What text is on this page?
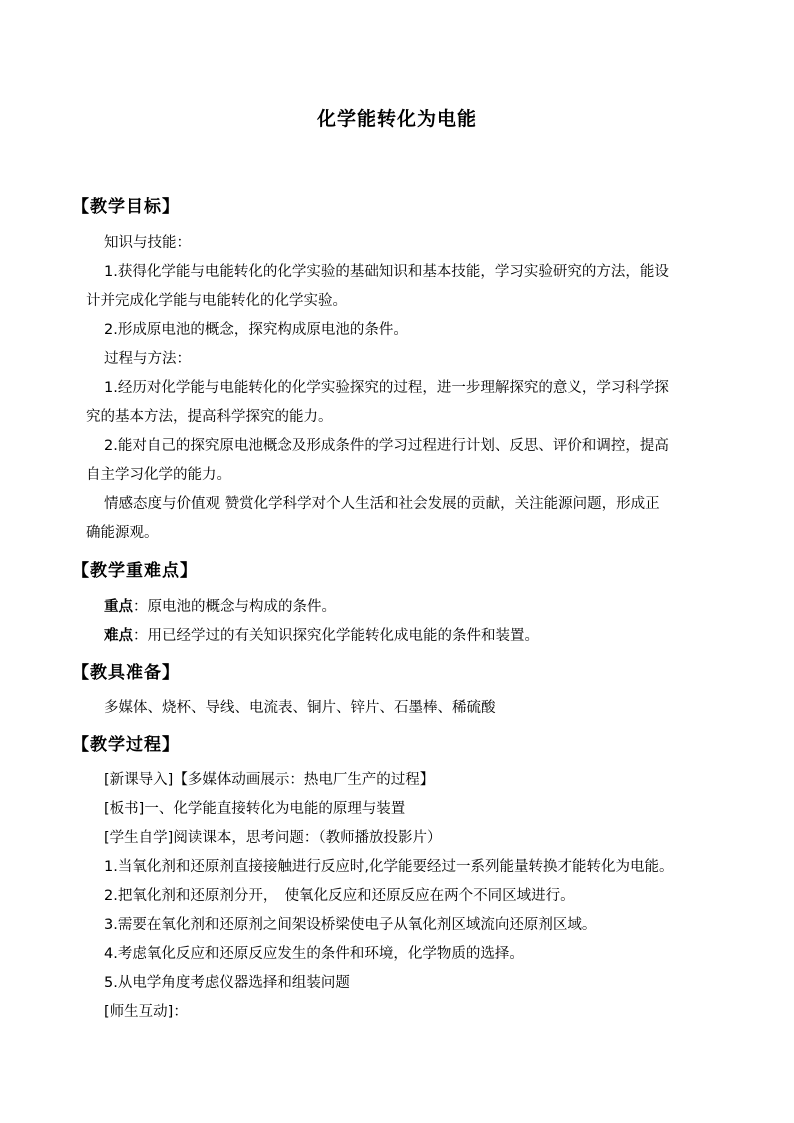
化学能转化为电能
【教学目标】
知识与技能：
1.获得化学能与电能转化的化学实验的基础知识和基本技能，学习实验研究的方法，能设
计并完成化学能与电能转化的化学实验。
2.形成原电池的概念，探究构成原电池的条件。
过程与方法：
1.经历对化学能与电能转化的化学实验探究的过程，进一步理解探究的意义，学习科学探
究的基本方法，提高科学探究的能力。
2.能对自己的探究原电池概念及形成条件的学习过程进行计划、反思、评价和调控，提高
自主学习化学的能力。
情感态度与价值观 赞赏化学科学对个人生活和社会发展的贡献，关注能源问题，形成正
确能源观。
【教学重难点】
重点：原电池的概念与构成的条件。
难点：用已经学过的有关知识探究化学能转化成电能的条件和装置。
【教具准备】
多媒体、烧杯、导线、电流表、铜片、锌片、石墨棒、稀硫酸
【教学过程】
[新课导入]【多媒体动画展示：热电厂生产的过程】
[板书]一、化学能直接转化为电能的原理与装置
[学生自学]阅读课本，思考问题：（教师播放投影片）
1.当氧化剂和还原剂直接接触进行反应时,化学能要经过一系列能量转换才能转化为电能。
2.把氧化剂和还原剂分开，　使氧化反应和还原反应在两个不同区域进行。
3.需要在氧化剂和还原剂之间架设桥梁使电子从氧化剂区域流向还原剂区域。
4.考虑氧化反应和还原反应发生的条件和环境，化学物质的选择。
5.从电学角度考虑仪器选择和组装问题
[师生互动]：
